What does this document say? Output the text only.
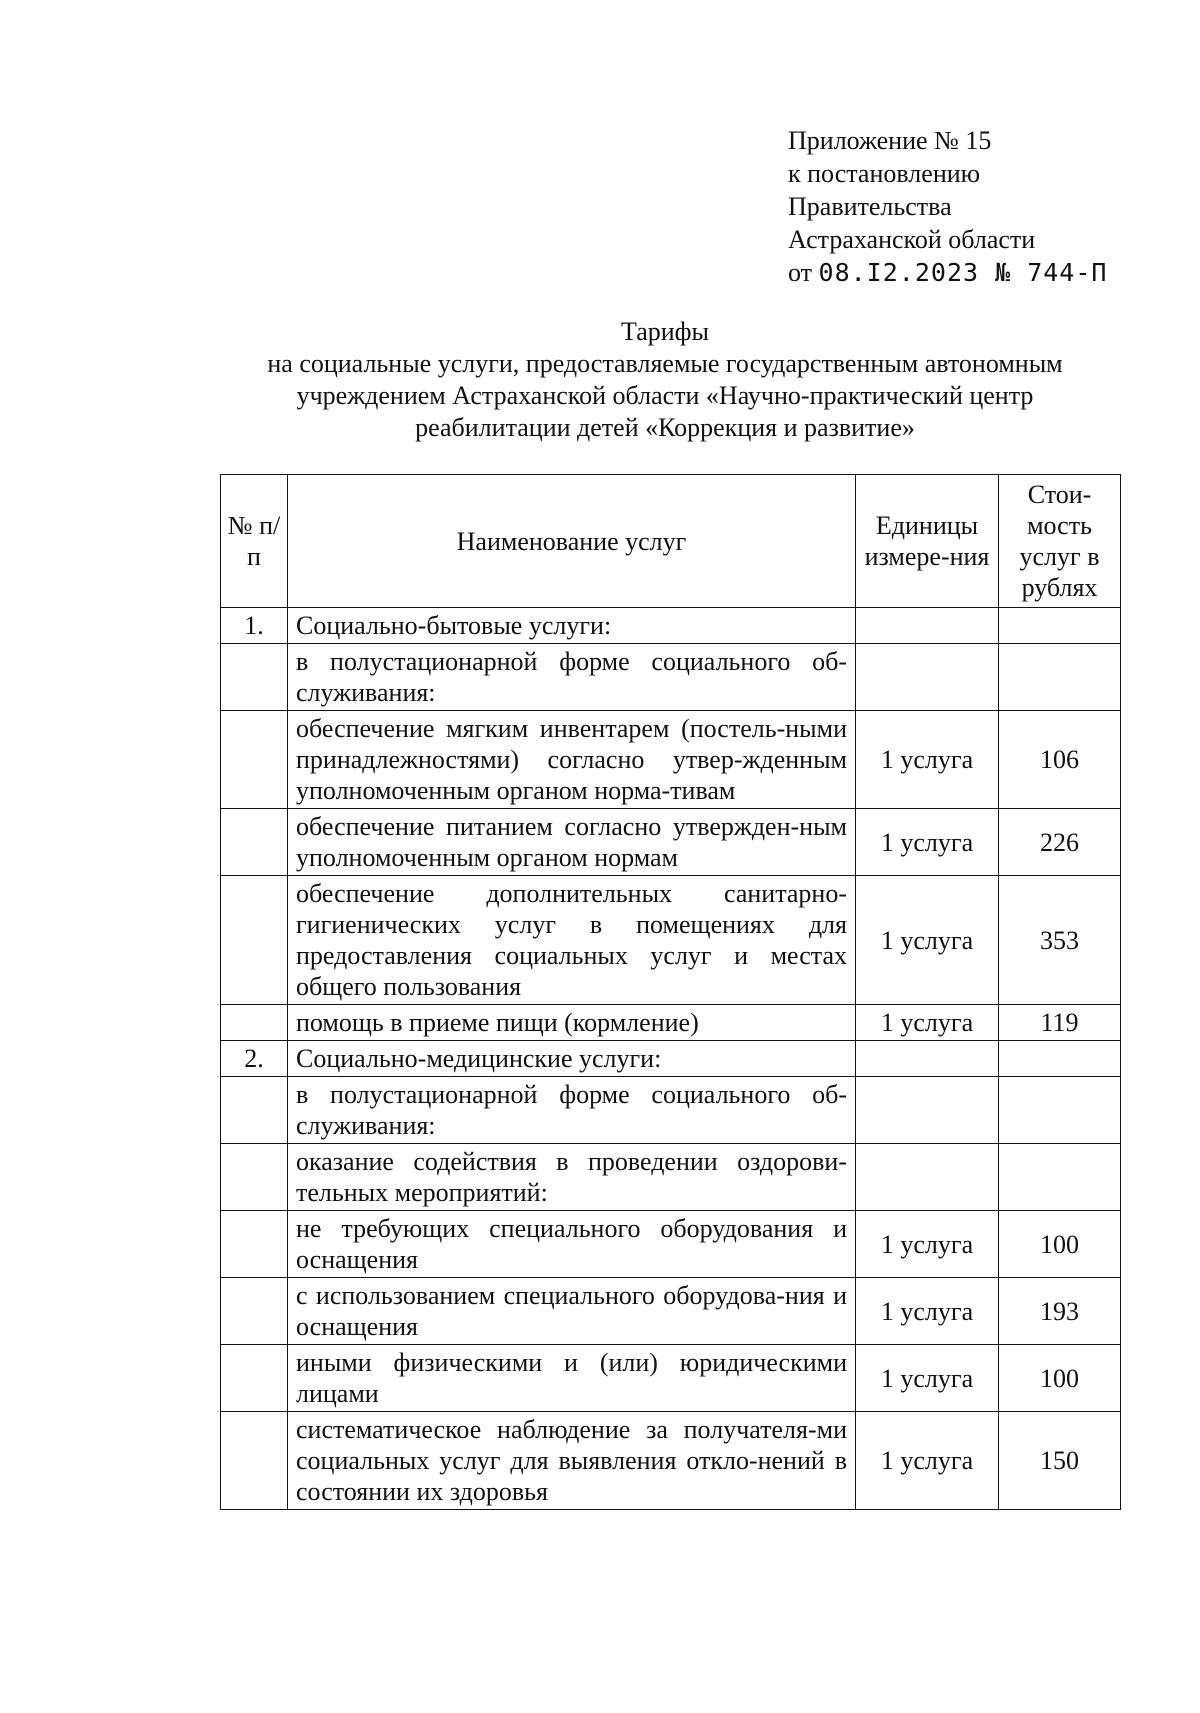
Приложение № 15
к постановлению
Правительства
Астраханской области
от 08.I2.2023 № 744-П
Тарифы
на социальные услуги, предоставляемые государственным автономным
учреждением Астраханской области «Научно-практический центр
реабилитации детей «Коррекция и развитие»
№ п/п	Наименование услуг	Единицы измере-ния	Стои-мость услуг в рублях
1.	Социально-бытовые услуги:		
	в полустационарной форме социального об-служивания:		
	обеспечение мягким инвентарем (постель-ными принадлежностями) согласно утвер-жденным уполномоченным органом норма-тивам	1 услуга	106
	обеспечение питанием согласно утвержден-ным уполномоченным органом нормам	1 услуга	226
	обеспечение дополнительных санитарно-гигиенических услуг в помещениях для предоставления социальных услуг и местах общего пользования	1 услуга	353
	помощь в приеме пищи (кормление)	1 услуга	119
2.	Социально-медицинские услуги:		
	в полустационарной форме социального об-служивания:		
	оказание содействия в проведении оздорови-тельных мероприятий:		
	не требующих специального оборудования и оснащения	1 услуга	100
	с использованием специального оборудова-ния и оснащения	1 услуга	193
	иными физическими и (или) юридическими лицами	1 услуга	100
	систематическое наблюдение за получателя-ми социальных услуг для выявления откло-нений в состоянии их здоровья	1 услуга	150
